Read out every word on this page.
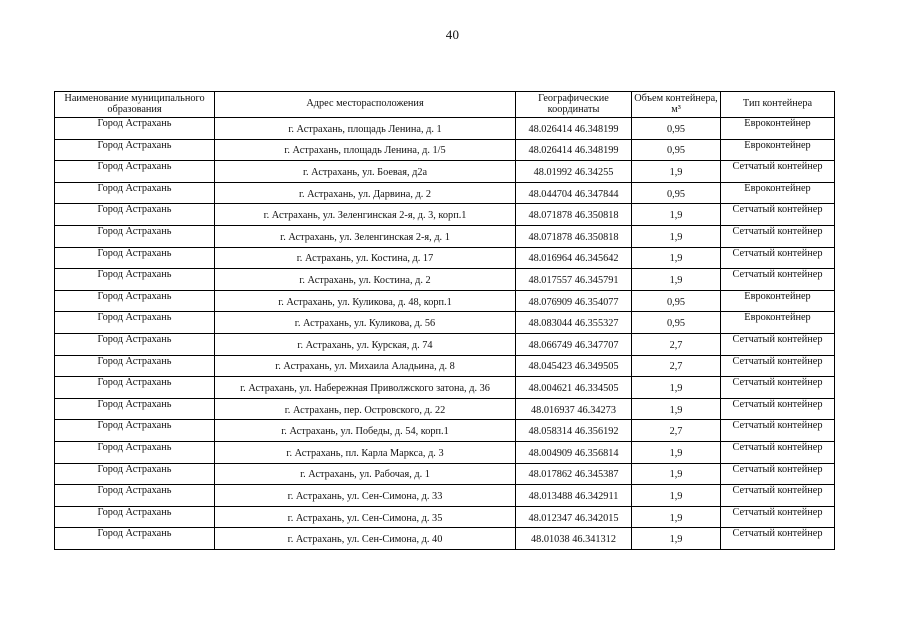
40
Наименование муниципального образования	Адрес месторасположения	Географические координаты	Объем контейнера, м³	Тип контейнера
Город Астрахань	г. Астрахань, площадь Ленина, д. 1	48.026414 46.348199	0,95	Евроконтейнер
Город Астрахань	г. Астрахань, площадь Ленина, д. 1/5	48.026414 46.348199	0,95	Евроконтейнер
Город Астрахань	г. Астрахань, ул. Боевая, д2а	48.01992 46.34255	1,9	Сетчатый контейнер
Город Астрахань	г. Астрахань, ул. Дарвина, д. 2	48.044704 46.347844	0,95	Евроконтейнер
Город Астрахань	г. Астрахань, ул. Зеленгинская 2-я, д. 3, корп.1	48.071878 46.350818	1,9	Сетчатый контейнер
Город Астрахань	г. Астрахань, ул. Зеленгинская 2-я, д. 1	48.071878 46.350818	1,9	Сетчатый контейнер
Город Астрахань	г. Астрахань, ул. Костина, д. 17	48.016964 46.345642	1,9	Сетчатый контейнер
Город Астрахань	г. Астрахань, ул. Костина, д. 2	48.017557 46.345791	1,9	Сетчатый контейнер
Город Астрахань	г. Астрахань, ул. Куликова, д. 48, корп.1	48.076909 46.354077	0,95	Евроконтейнер
Город Астрахань	г. Астрахань, ул. Куликова, д. 56	48.083044 46.355327	0,95	Евроконтейнер
Город Астрахань	г. Астрахань, ул. Курская, д. 74	48.066749 46.347707	2,7	Сетчатый контейнер
Город Астрахань	г. Астрахань, ул. Михаила Аладьина, д. 8	48.045423 46.349505	2,7	Сетчатый контейнер
Город Астрахань	г. Астрахань, ул. Набережная Приволжского затона, д. 36	48.004621 46.334505	1,9	Сетчатый контейнер
Город Астрахань	г. Астрахань, пер. Островского, д. 22	48.016937 46.34273	1,9	Сетчатый контейнер
Город Астрахань	г. Астрахань, ул. Победы, д. 54, корп.1	48.058314 46.356192	2,7	Сетчатый контейнер
Город Астрахань	г. Астрахань, пл. Карла Маркса, д. 3	48.004909 46.356814	1,9	Сетчатый контейнер
Город Астрахань	г. Астрахань, ул. Рабочая, д. 1	48.017862 46.345387	1,9	Сетчатый контейнер
Город Астрахань	г. Астрахань, ул. Сен-Симона, д. 33	48.013488 46.342911	1,9	Сетчатый контейнер
Город Астрахань	г. Астрахань, ул. Сен-Симона, д. 35	48.012347 46.342015	1,9	Сетчатый контейнер
Город Астрахань	г. Астрахань, ул. Сен-Симона, д. 40	48.01038 46.341312	1,9	Сетчатый контейнер
